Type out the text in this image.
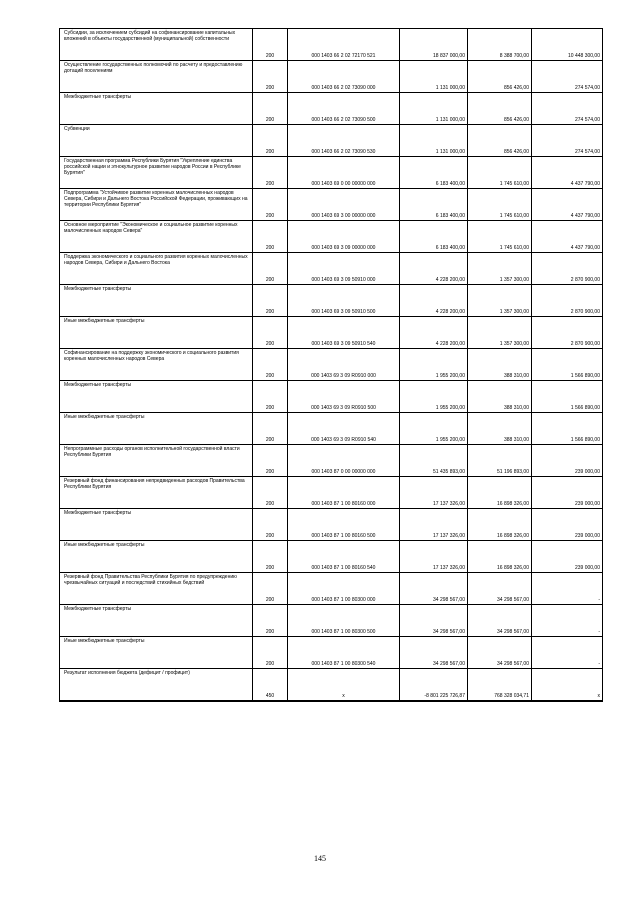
Субсидии, за исключением субсидий на софинансирование капитальных вложений в объекты государственной (муниципальной) собственности	200	000 1403 66 2 02 72170 521	18 837 000,00	8 388 700,00	10 448 300,00

Осуществление государственных полномочий по расчету и предоставлению дотаций поселениям	200	000 1403 66 2 02 73090 000	1 131 000,00	856 426,00	274 574,00

Межбюджетные трансферты	200	000 1403 66 2 02 73090 500	1 131 000,00	856 426,00	274 574,00

Субвенции	200	000 1403 66 2 02 73090 530	1 131 000,00	856 426,00	274 574,00

Государственная программа Республики Бурятия "Укрепление единства российской нации и этнокультурное развитие народов России в Республике Бурятия"	200	000 1403 69 0 00 00000 000	6 183 400,00	1 745 610,00	4 437 790,00

Подпрограмма "Устойчивое развитие коренных малочисленных народов Севера, Сибири и Дальнего Востока Российской Федерации, проживающих на территории Республики Бурятия"	200	000 1403 69 3 00 00000 000	6 183 400,00	1 745 610,00	4 437 790,00

Основное мероприятие "Экономическое и социальное развитие коренных малочисленных народов Севера"	200	000 1403 69 3 09 00000 000	6 183 400,00	1 745 610,00	4 437 790,00

Поддержка экономического и социального развития коренных малочисленных народов Севера, Сибири и Дальнего Востока	200	000 1403 69 3 09 50910 000	4 228 200,00	1 357 300,00	2 870 900,00

Межбюджетные трансферты	200	000 1403 69 3 09 50910 500	4 228 200,00	1 357 300,00	2 870 900,00

Иные межбюджетные трансферты	200	000 1403 69 3 09 50910 540	4 228 200,00	1 357 300,00	2 870 900,00

Софинансирование на поддержку экономического и социального развития коренных малочисленных народов Севера	200	000 1403 69 3 09 R0910 000	1 955 200,00	388 310,00	1 566 890,00

Межбюджетные трансферты	200	000 1403 69 3 09 R0910 500	1 955 200,00	388 310,00	1 566 890,00

Иные межбюджетные трансферты	200	000 1403 69 3 09 R0910 540	1 955 200,00	388 310,00	1 566 890,00

Непрограммные расходы органов исполнительной государственной власти Республики Бурятия	200	000 1403 87 0 00 00000 000	51 435 893,00	51 196 893,00	239 000,00

Резервный фонд финансирования непредвиденных расходов Правительства Республики Бурятия	200	000 1403 87 1 00 80160 000	17 137 326,00	16 898 326,00	239 000,00

Межбюджетные трансферты	200	000 1403 87 1 00 80160 500	17 137 326,00	16 898 326,00	239 000,00

Иные межбюджетные трансферты	200	000 1403 87 1 00 80160 540	17 137 326,00	16 898 326,00	239 000,00

Резервный фонд Правительства Республики Бурятия по предупреждению чрезвычайных ситуаций и последствий стихийных бедствий	200	000 1403 87 1 00 80300 000	34 298 567,00	34 298 567,00	-

Межбюджетные трансферты	200	000 1403 87 1 00 80300 500	34 298 567,00	34 298 567,00	-

Иные межбюджетные трансферты	200	000 1403 87 1 00 80300 540	34 298 567,00	34 298 567,00	-

Результат исполнения бюджета (дефицит / профицит)	450	x	-8 801 225 726,87	768 328 034,71	x
145
